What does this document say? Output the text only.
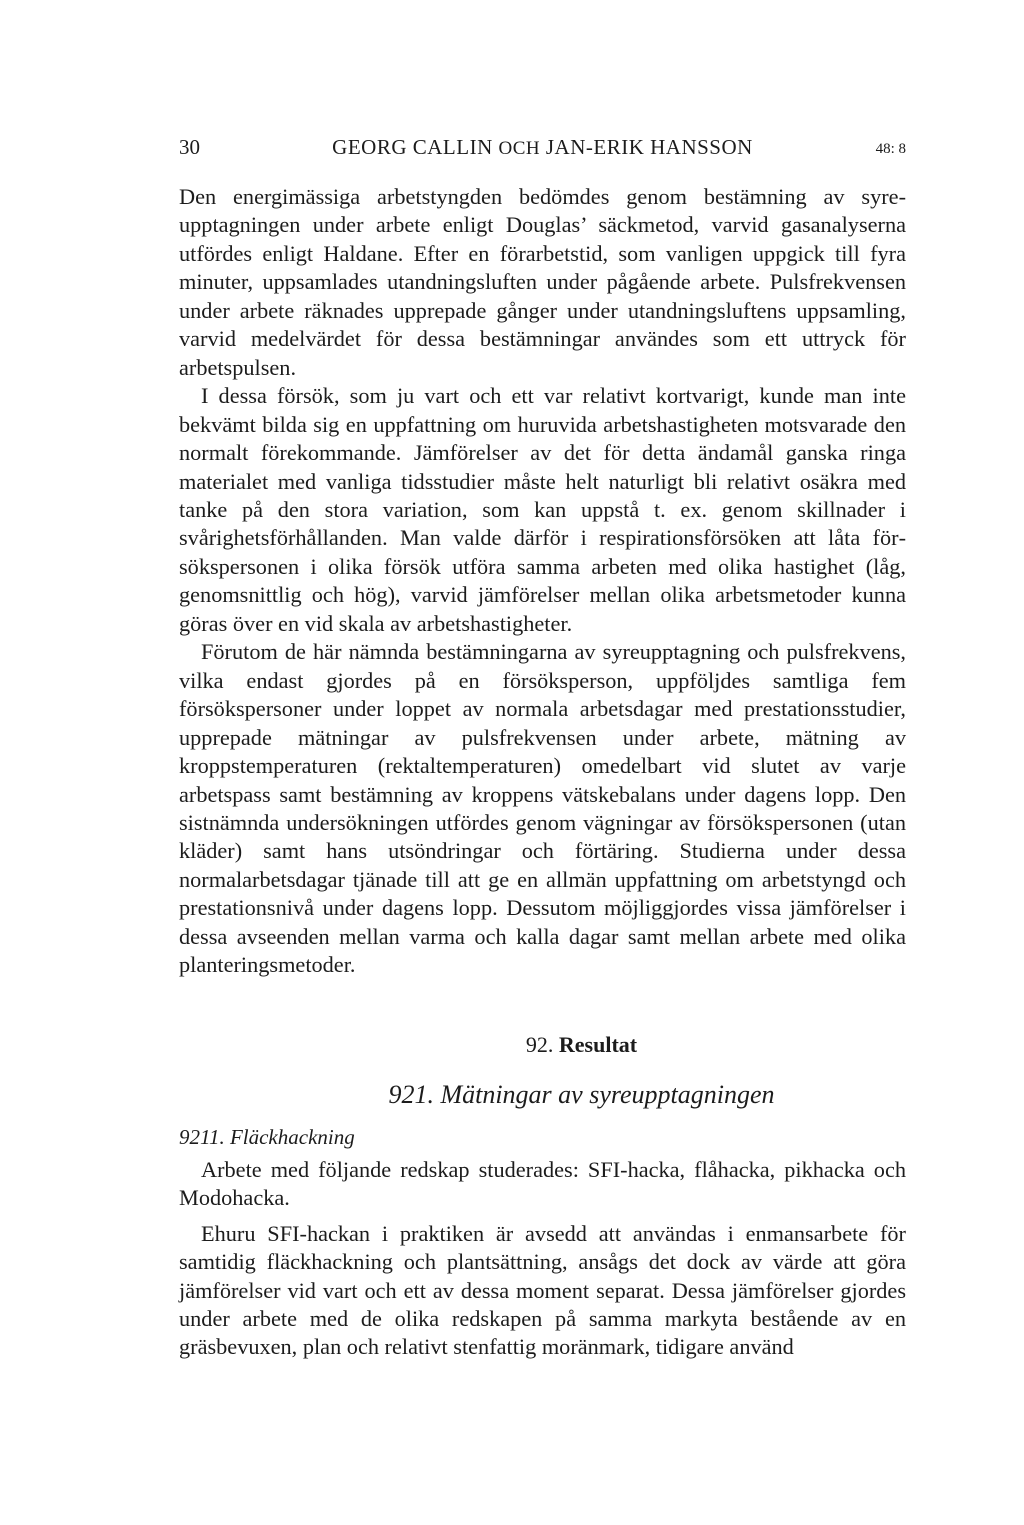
30	GEORG CALLIN OCH JAN-ERIK HANSSON	48: 8

Den energimässiga arbetstyngden bedömdes genom bestämning av syreupptagningen under arbete enligt Douglas’ säckmetod, varvid gasanalyserna utfördes enligt Haldane. Efter en förarbetstid, som vanligen uppgick till fyra minuter, uppsamlades utandningsluften under pågående arbete. Pulsfrekvensen under arbete räknades upprepade gånger under utandningsluftens uppsamling, varvid medelvärdet för dessa bestämningar användes som ett uttryck för arbetspulsen.

I dessa försök, som ju vart och ett var relativt kortvarigt, kunde man inte bekvämt bilda sig en uppfattning om huruvida arbetshastigheten motsvarade den normalt förekommande. Jämförelser av det för detta ändamål ganska ringa materialet med vanliga tidsstudier måste helt naturligt bli relativt osäkra med tanke på den stora variation, som kan uppstå t. ex. genom skillnader i svårighetsförhållanden. Man valde därför i respirationsförsöken att låta försökspersonen i olika försök utföra samma arbeten med olika hastighet (låg, genomsnittlig och hög), varvid jämförelser mellan olika arbetsmetoder kunna göras över en vid skala av arbetshastigheter.

Förutom de här nämnda bestämningarna av syreupptagning och pulsfrekvens, vilka endast gjordes på en försöksperson, uppföljdes samtliga fem försökspersoner under loppet av normala arbetsdagar med prestationsstudier, upprepade mätningar av pulsfrekvensen under arbete, mätning av kroppstemperaturen (rektaltemperaturen) omedelbart vid slutet av varje arbetspass samt bestämning av kroppens vätskebalans under dagens lopp. Den sistnämnda undersökningen utfördes genom vägningar av försökspersonen (utan kläder) samt hans utsöndringar och förtäring. Studierna under dessa normalarbetsdagar tjänade till att ge en allmän uppfattning om arbetstyngd och prestationsnivå under dagens lopp. Dessutom möjliggjordes vissa jämförelser i dessa avseenden mellan varma och kalla dagar samt mellan arbete med olika planteringsmetoder.

92. Resultat
921. Mätningar av syreupptagningen
9211. Fläckhackning

Arbete med följande redskap studerades: SFI-hacka, flåhacka, pikhacka och Modohacka.

Ehuru SFI-hackan i praktiken är avsedd att användas i enmansarbete för samtidig fläckhackning och plantsättning, ansågs det dock av värde att göra jämförelser vid vart och ett av dessa moment separat. Dessa jämförelser gjordes under arbete med de olika redskapen på samma markyta bestående av en gräsbevuxen, plan och relativt stenfattig moränmark, tidigare använd
